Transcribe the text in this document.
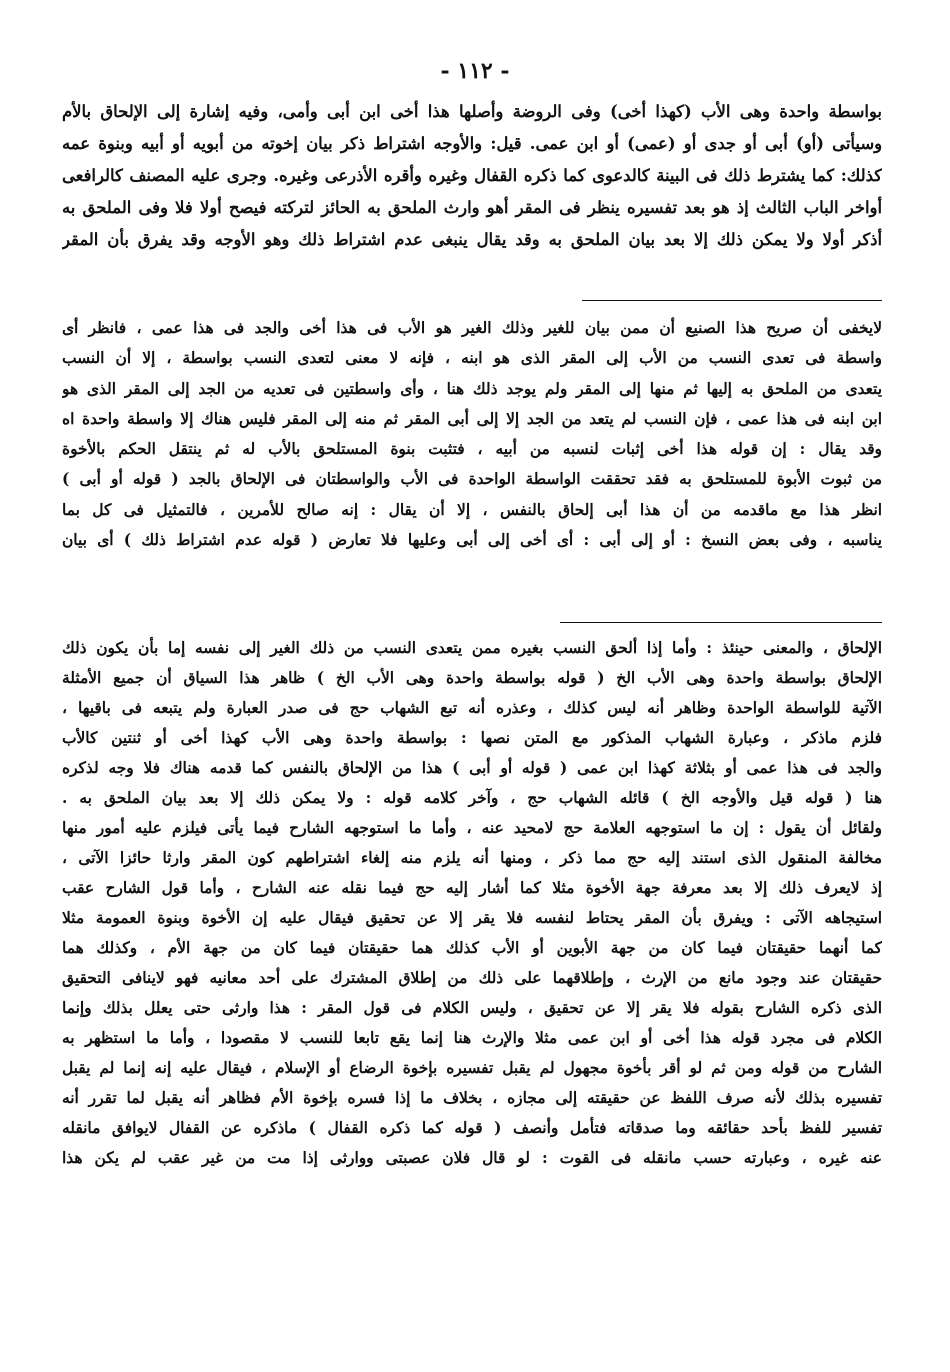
- ١١٢ -
بواسطة واحدة وهى الأب (كهذا أخى) وفى الروضة وأصلها هذا أخى ابن أبى وأمى، وفيه إشارة إلى الإلحاق بالأم
وسيأتى (أو) أبى أو جدى أو (عمى) أو ابن عمى. قيل: والأوجه اشتراط ذكر بيان إخوته من أبويه أو أبيه وبنوة عمه
كذلك: كما يشترط ذلك فى البينة كالدعوى كما ذكره القفال وغيره وأقره الأذرعى وغيره. وجرى عليه المصنف كالرافعى
أواخر الباب الثالث إذ هو بعد تفسيره ينظر فى المقر أهو وارث الملحق به الحائز لتركته فيصح أولا فلا وفى الملحق به
أذكر أولا ولا يمكن ذلك إلا بعد بيان الملحق به وقد يقال ينبغى عدم اشتراط ذلك وهو الأوجه وقد يفرق بأن المقر
لايخفى أن صريح هذا الصنيع أن ممن بيان للغير وذلك الغير هو الأب فى هذا أخى والجد فى هذا عمى ، فانظر أى
واسطة فى تعدى النسب من الأب إلى المقر الذى هو ابنه ، فإنه لا معنى لتعدى النسب بواسطة ، إلا أن النسب
يتعدى من الملحق به إليها ثم منها إلى المقر ولم يوجد ذلك هنا ، وأى واسطتين فى تعديه من الجد إلى المقر الذى هو
ابن ابنه فى هذا عمى ، فإن النسب لم يتعد من الجد إلا إلى أبى المقر ثم منه إلى المقر فليس هناك إلا واسطة واحدة اه
وقد يقال : إن قوله هذا أخى إثبات لنسبه من أبيه ، فتثبت بنوة المستلحق بالأب له ثم ينتقل الحكم بالأخوة
من ثبوت الأبوة للمستلحق به فقد تحققت الواسطة الواحدة فى الأب والواسطتان فى الإلحاق بالجد ( قوله أو أبى )
انظر هذا مع ماقدمه من أن هذا أبى إلحاق بالنفس ، إلا أن يقال : إنه صالح للأمرين ، فالتمثيل فى كل بما
يناسبه ، وفى بعض النسخ : أو إلى أبى : أى أخى إلى أبى وعليها فلا تعارض ( قوله عدم اشتراط ذلك ) أى بيان
الإلحاق ، والمعنى حينئذ : وأما إذا ألحق النسب بغيره ممن يتعدى النسب من ذلك الغير إلى نفسه إما بأن يكون ذلك
الإلحاق بواسطة واحدة وهى الأب الخ ( قوله بواسطة واحدة وهى الأب الخ ) ظاهر هذا السياق أن جميع الأمثلة
الآتية للواسطة الواحدة وظاهر أنه ليس كذلك ، وعذره أنه تبع الشهاب حج فى صدر العبارة ولم يتبعه فى باقيها ،
فلزم ماذكر ، وعبارة الشهاب المذكور مع المتن نصها : بواسطة واحدة وهى الأب كهذا أخى أو ثنتين كالأب
والجد فى هذا عمى أو بثلاثة كهذا ابن عمى ( قوله أو أبى ) هذا من الإلحاق بالنفس كما قدمه هناك فلا وجه لذكره
هنا ( قوله قيل والأوجه الخ ) قائله الشهاب حج ، وآخر كلامه قوله : ولا يمكن ذلك إلا بعد بيان الملحق به .
ولقائل أن يقول : إن ما استوجهه العلامة حج لامحيد عنه ، وأما ما استوجهه الشارح فيما يأتى فيلزم عليه أمور منها
مخالفة المنقول الذى استند إليه حج مما ذكر ، ومنها أنه يلزم منه إلغاء اشتراطهم كون المقر وارثا حائزا الآتى ،
إذ لايعرف ذلك إلا بعد معرفة جهة الأخوة مثلا كما أشار إليه حج فيما نقله عنه الشارح ، وأما قول الشارح عقب
استيجاهه الآتى : ويفرق بأن المقر يحتاط لنفسه فلا يقر إلا عن تحقيق فيقال عليه إن الأخوة وبنوة العمومة مثلا
كما أنهما حقيقتان فيما كان من جهة الأبوين أو الأب كذلك هما حقيقتان فيما كان من جهة الأم ، وكذلك هما
حقيقتان عند وجود مانع من الإرث ، وإطلاقهما على ذلك من إطلاق المشترك على أحد معانيه فهو لاينافى التحقيق
الذى ذكره الشارح بقوله فلا يقر إلا عن تحقيق ، وليس الكلام فى قول المقر : هذا وارثى حتى يعلل بذلك وإنما
الكلام فى مجرد قوله هذا أخى أو ابن عمى مثلا والإرث هنا إنما يقع تابعا للنسب لا مقصودا ، وأما ما استظهر به
الشارح من قوله ومن ثم لو أقر بأخوة مجهول لم يقبل تفسيره بإخوة الرضاع أو الإسلام ، فيقال عليه إنه إنما لم يقبل
تفسيره بذلك لأنه صرف اللفظ عن حقيقته إلى مجازه ، بخلاف ما إذا فسره بإخوة الأم فظاهر أنه يقبل لما تقرر أنه
تفسير للفظ بأحد حقائقه وما صدقاته فتأمل وأنصف ( قوله كما ذكره القفال ) ماذكره عن القفال لايوافق مانقله
عنه غيره ، وعبارته حسب مانقله فى القوت : لو قال فلان عصبتى ووارثى إذا مت من غير عقب لم يكن هذا
